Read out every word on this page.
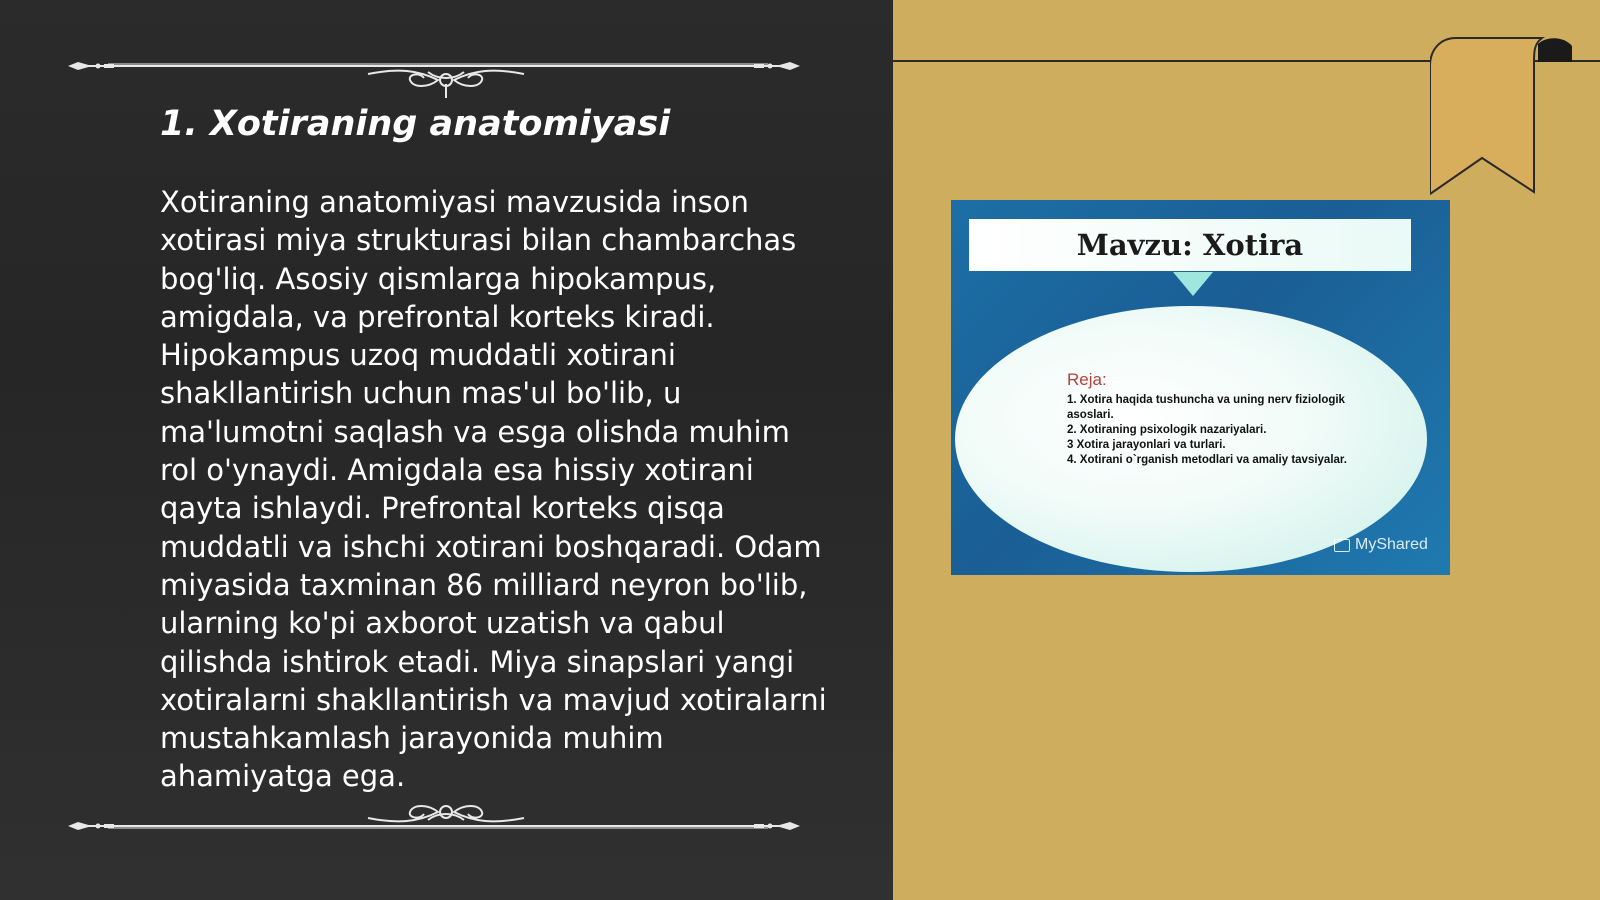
1. Xotiraning anatomiyasi

Xotiraning anatomiyasi mavzusida inson xotirasi miya strukturasi bilan chambarchas bog'liq. Asosiy qismlarga hipokampus, amigdala, va prefrontal korteks kiradi. Hipokampus uzoq muddatli xotirani shakllantirish uchun mas'ul bo'lib, u ma'lumotni saqlash va esga olishda muhim rol o'ynaydi. Amigdala esa hissiy xotirani qayta ishlaydi. Prefrontal korteks qisqa muddatli va ishchi xotirani boshqaradi. Odam miyasida taxminan 86 milliard neyron bo'lib, ularning ko'pi axborot uzatish va qabul qilishda ishtirok etadi. Miya sinapslari yangi xotiralarni shakllantirish va mavjud xotiralarni mustahkamlash jarayonida muhim ahamiyatga ega.

Mavzu: Xotira

Reja:

1. Xotira haqida tushuncha va uning nerv fiziologik asoslari.

2. Xotiraning psixologik nazariyalari.

3 Xotira jarayonlari va turlari.

4. Xotirani o`rganish metodlari va amaliy tavsiyalar.

MyShared
